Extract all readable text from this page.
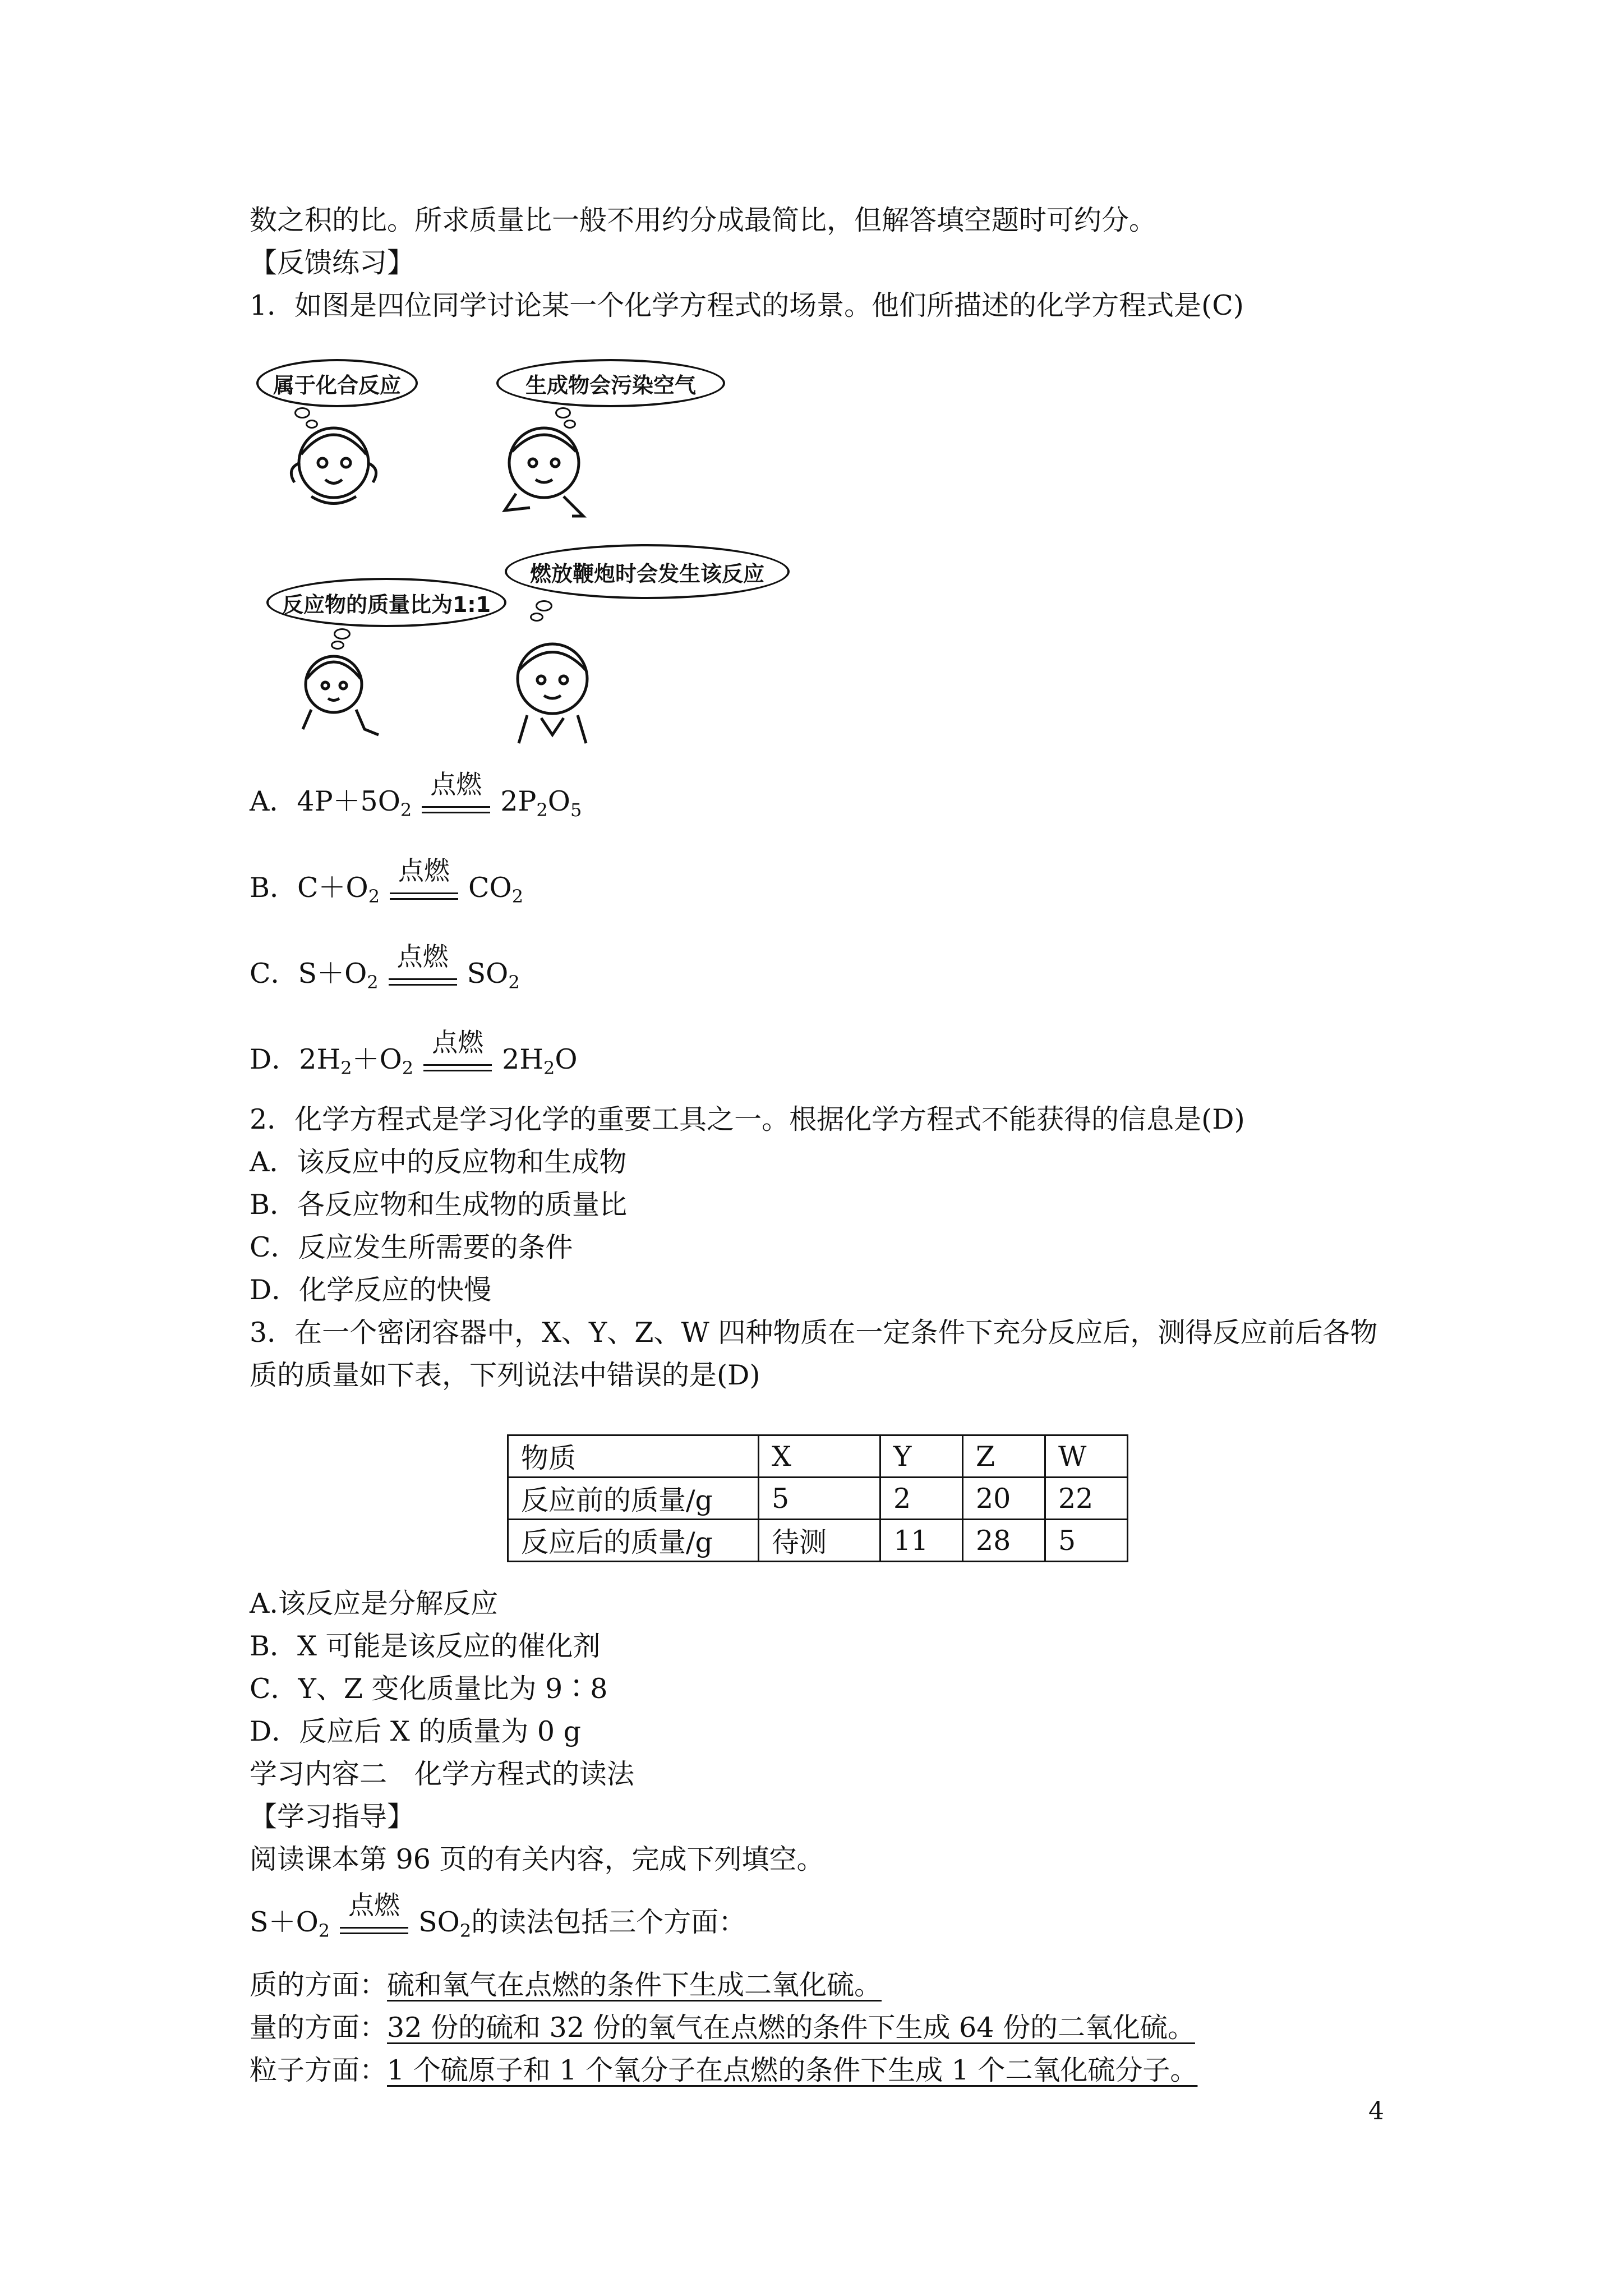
数之积的比。所求质量比一般不用约分成最简比，但解答填空题时可约分。
【反馈练习】
1．如图是四位同学讨论某一个化学方程式的场景。他们所描述的化学方程式是(C)
属于化合反应	生成物会污染空气
反应物的质量比为1:1
燃放鞭炮时会发生该反应
A．$4P+5O_2$
点燃
$2P_2O_5$
B．$C+O_2$
点燃
$CO_2$
C．$S+O_2$
点燃
$SO_2$
D．$2H_2+O_2$
点燃
$2H_2O$
2．化学方程式是学习化学的重要工具之一。根据化学方程式不能获得的信息是(D)
A．该反应中的反应物和生成物
B．各反应物和生成物的质量比
C．反应发生所需要的条件
D．化学反应的快慢
3．在一个密闭容器中，X、Y、Z、W 四种物质在一定条件下充分反应后，测得反应前后各物
质的质量如下表，下列说法中错误的是(D)
物质	X	Y	Z	W
反应前的质量/g	5	2	20	22
反应后的质量/g	待测	11	28	5
A.该反应是分解反应
B．X 可能是该反应的催化剂
C．Y、Z 变化质量比为 9∶8
D．反应后 X 的质量为 0 g
学习内容二　化学方程式的读法
【学习指导】
阅读课本第 96 页的有关内容，完成下列填空。
$S+O_2$
点燃
$SO_2$的读法包括三个方面：
质的方面：硫和氧气在点燃的条件下生成二氧化硫。
量的方面：32 份的硫和 32 份的氧气在点燃的条件下生成 64 份的二氧化硫。
粒子方面：1 个硫原子和 1 个氧分子在点燃的条件下生成 1 个二氧化硫分子。
4
